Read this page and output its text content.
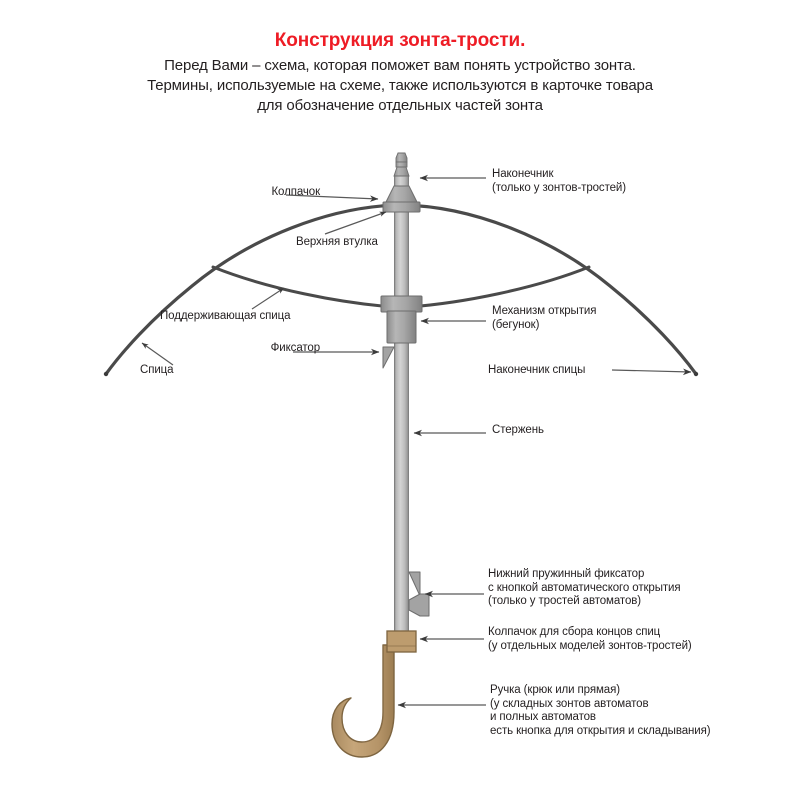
Конструкция зонта-трости.

Перед Вами – схема, которая поможет вам понять устройство зонта.

Термины, используемые на схеме, также используются в карточке товара

для обозначение отдельных частей зонта

Наконечник
(только у зонтов-тростей)
Колпачок
Верхняя втулка
Поддерживающая спица
Спица
Фиксатор
Механизм открытия
(бегунок)
Наконечник спицы
Стержень
Нижний пружинный фиксатор
с кнопкой автоматического открытия
(только у тростей автоматов)
Колпачок для сбора концов спиц
(у отдельных моделей зонтов-тростей)
Ручка (крюк или прямая)
(у складных зонтов автоматов
и полных автоматов
есть кнопка для открытия и складывания)
